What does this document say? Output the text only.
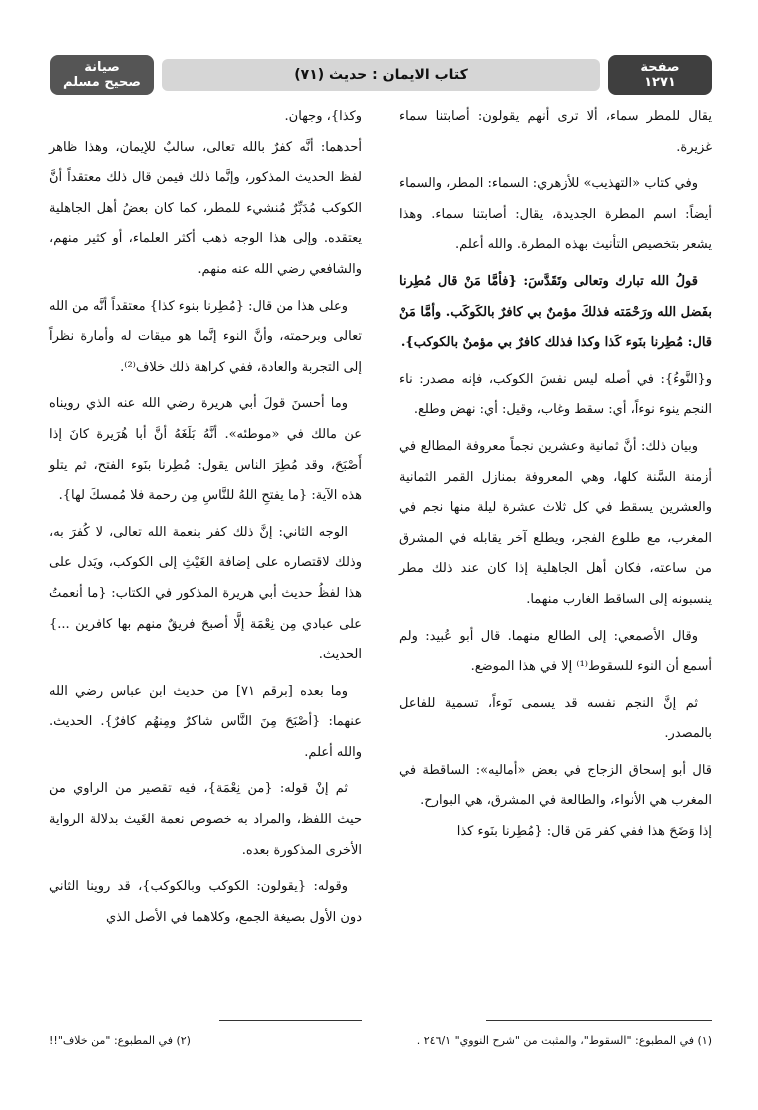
صفحة
١٢٧١
كتاب الايمان : حديث (٧١)
صيانة
صحيح مسلم

يقال للمطر سماء، ألا ترى أنهم يقولون: أصابتنا سماء غزيرة.

وفي كتاب «التهذيب» للأزهري: السماء: المطر، والسماء أيضاً: اسم المطرة الجديدة، يقال: أصابتنا سماء. وهذا يشعر بتخصيص التأنيث بهذه المطرة. والله أعلم.

قولُ الله تبارك وتعالى وتَقَدَّسَ: {فأمَّا مَنْ قال مُطِرنا بفَضل الله ورَحْمَته فذلكَ مؤمنٌ بي كافرٌ بالكَوكَب. وأمَّا مَنْ قال: مُطِرنا بنَوء كَذا وكذا فذلك كافرٌ بي مؤمنٌ بالكوكب}.

و{النَّوءُ}: في أصله ليس نفسَ الكوكب، فإنه مصدر: ناء النجم ينوء نوءاً، أي: سقط وغاب، وقيل: أي: نهض وطلع.

وبيان ذلك: أنَّ ثمانية وعشرين نجماً معروفة المطالع في أزمنة السَّنة كلها، وهي المعروفة بمنازل القمر الثمانية والعشرين يسقط في كل ثلاث عشرة ليلة منها نجم في المغرب، مع طلوع الفجر، ويطلع آخر يقابله في المشرق من ساعته، فكان أهل الجاهلية إذا كان عند ذلك مطر ينسبونه إلى الساقط الغارب منهما.

وقال الأصمعي: إلى الطالع منهما. قال أبو عُبيد: ولم أسمع أن النوء للسقوط⁽¹⁾ إلا في هذا الموضع.

ثم إنَّ النجم نفسه قد يسمى نَوءاً، تسمية للفاعل بالمصدر.

قال أبو إسحاق الزجاج في بعض «أماليه»: الساقطة في المغرب هي الأنواء، والطالعة في المشرق، هي البوارح.

إذا وَضَحَ هذا ففي كفر مَن قال: {مُطِرنا بنَوء كذا

وكذا}، وجهان.

أحدهما: أنَّه كفرٌ بالله تعالى، سالبٌ للإيمان، وهذا ظاهر لفظ الحديث المذكور، وإنَّما ذلك فيمن قال ذلك معتقداً أنَّ الكوكب مُدَبِّرٌ مُنشيء للمطر، كما كان بعضُ أهل الجاهلية يعتقده. وإلى هذا الوجه ذهب أكثر العلماء، أو كثير منهم، والشافعي رضي الله عنه منهم.

وعلى هذا من قال: {مُطِرنا بنوء كذا} معتقداً أنَّه من الله تعالى وبرحمته، وأنَّ النوء إنَّما هو ميقات له وأمارة نظراً إلى التجربة والعادة، ففي كراهة ذلك خلاف⁽²⁾.

وما أحسنَ قولَ أبي هريرة رضي الله عنه الذي رويناه عن مالك في «موطئه». أنَّهُ بَلَغَهُ أنَّ أبا هُرَيرة كانَ إذا أَصْبَحَ، وقد مُطِرَ الناس يقول: مُطِرنا بنَوء الفتح، ثم يتلو هذه الآية: {ما يفتحِ اللهُ للنَّاسِ مِن رحمة فلا مُمسكَ لها}.

الوجه الثاني: إنَّ ذلك كفر بنعمة الله تعالى، لا كُفرَ به، وذلك لاقتصاره على إضافة الغَيْثِ إلى الكوكب، ويَدل على هذا لفظُ حديث أبي هريرة المذكور في الكتاب: {ما أنعمتُ على عبادي مِن نِعْمَة إلَّا أصبحَ فريقٌ منهم بها كافرين ...} الحديث.

وما بعده [برقم ٧١] من حديث ابن عباس رضي الله عنهما: {أصْبَحَ مِنَ النَّاس شاكرٌ ومِنهُم كافرٌ}. الحديث. والله أعلم.

ثم إنْ قوله: {من نِعْمَة}، فيه تقصير من الراوي من حيث اللفظ، والمراد به خصوص نعمة الغَيث بدلالة الرواية الأخرى المذكورة بعده.

وقوله: {يقولون: الكوكب وبالكوكب}، قد روينا الثاني دون الأول بصيغة الجمع، وكلاهما في الأصل الذي

(١) في المطبوع: "السقوط"، والمثبت من "شرح النووي" ٢٤٦/١ .
(٢) في المطبوع: "من خلاف"!!
